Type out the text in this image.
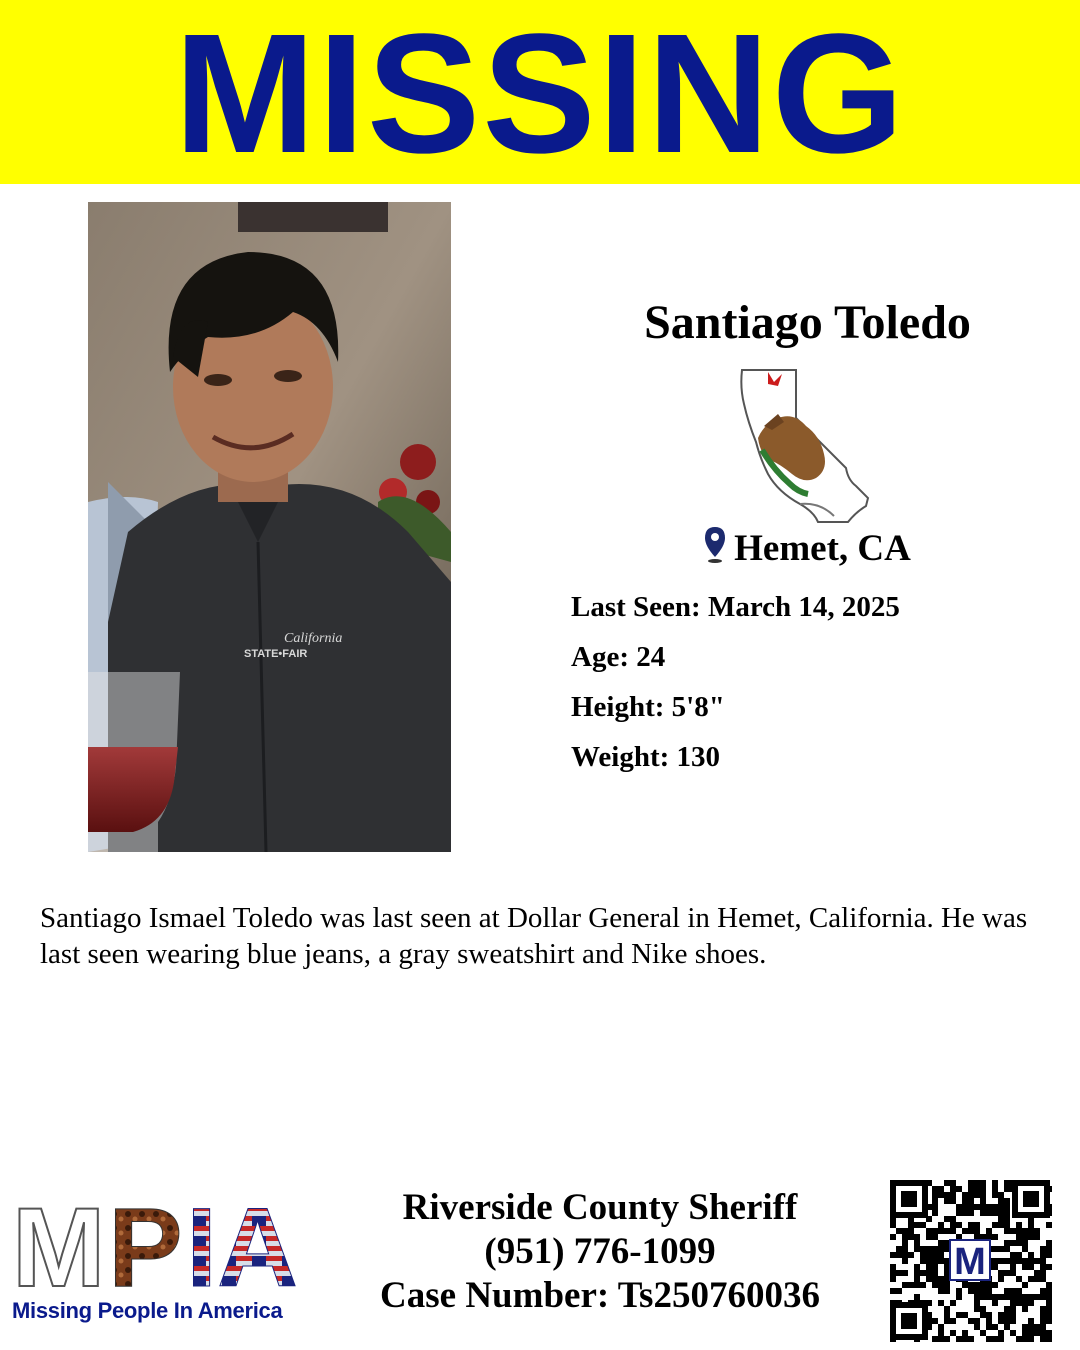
MISSING
California
STATE•FAIR
Santiago Toledo
Hemet, CA
Last Seen: March 14, 2025
Age: 24
Height: 5'8"
Weight: 130
Santiago Ismael Toledo was last seen at Dollar General in Hemet, California. He was last seen wearing blue jeans, a gray sweatshirt and Nike shoes.
M P IA
Missing People In America
Riverside County Sheriff
(951) 776-1099
Case Number: Ts250760036
M
